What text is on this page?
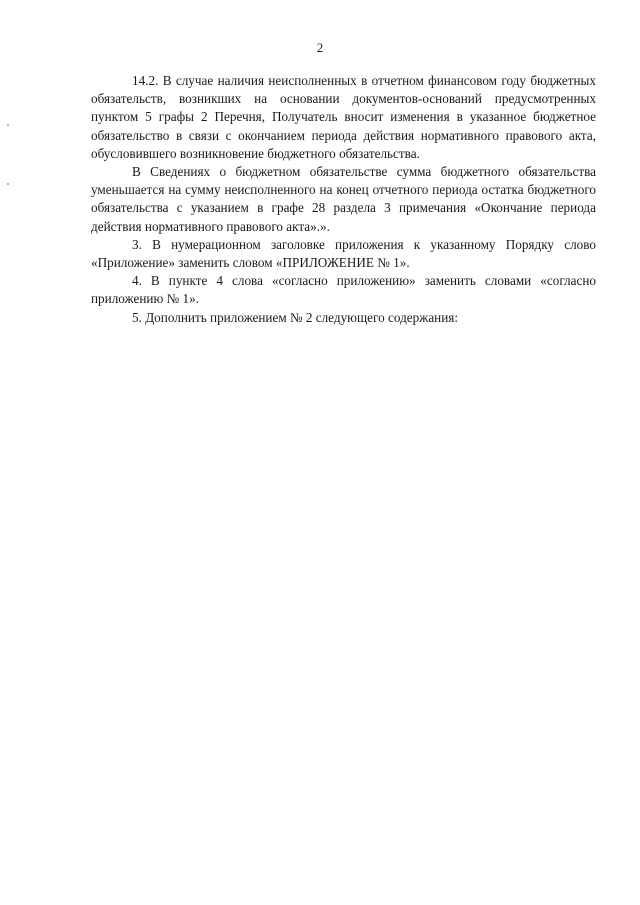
2

14.2. В случае наличия неисполненных в отчетном финансовом году бюджетных обязательств, возникших на основании документов-оснований предусмотренных пунктом 5 графы 2 Перечня, Получатель вносит изменения в указанное бюджетное обязательство в связи с окончанием периода действия нормативного правового акта, обусловившего возникновение бюджетного обязательства.

В Сведениях о бюджетном обязательстве сумма бюджетного обязательства уменьшается на сумму неисполненного на конец отчетного периода остатка бюджетного обязательства с указанием в графе 28 раздела 3 примечания «Окончание периода действия нормативного правового акта».».

3. В нумерационном заголовке приложения к указанному Порядку слово «Приложение» заменить словом «ПРИЛОЖЕНИЕ № 1».

4. В пункте 4 слова «согласно приложению» заменить словами «согласно приложению № 1».

5. Дополнить приложением № 2 следующего содержания:
